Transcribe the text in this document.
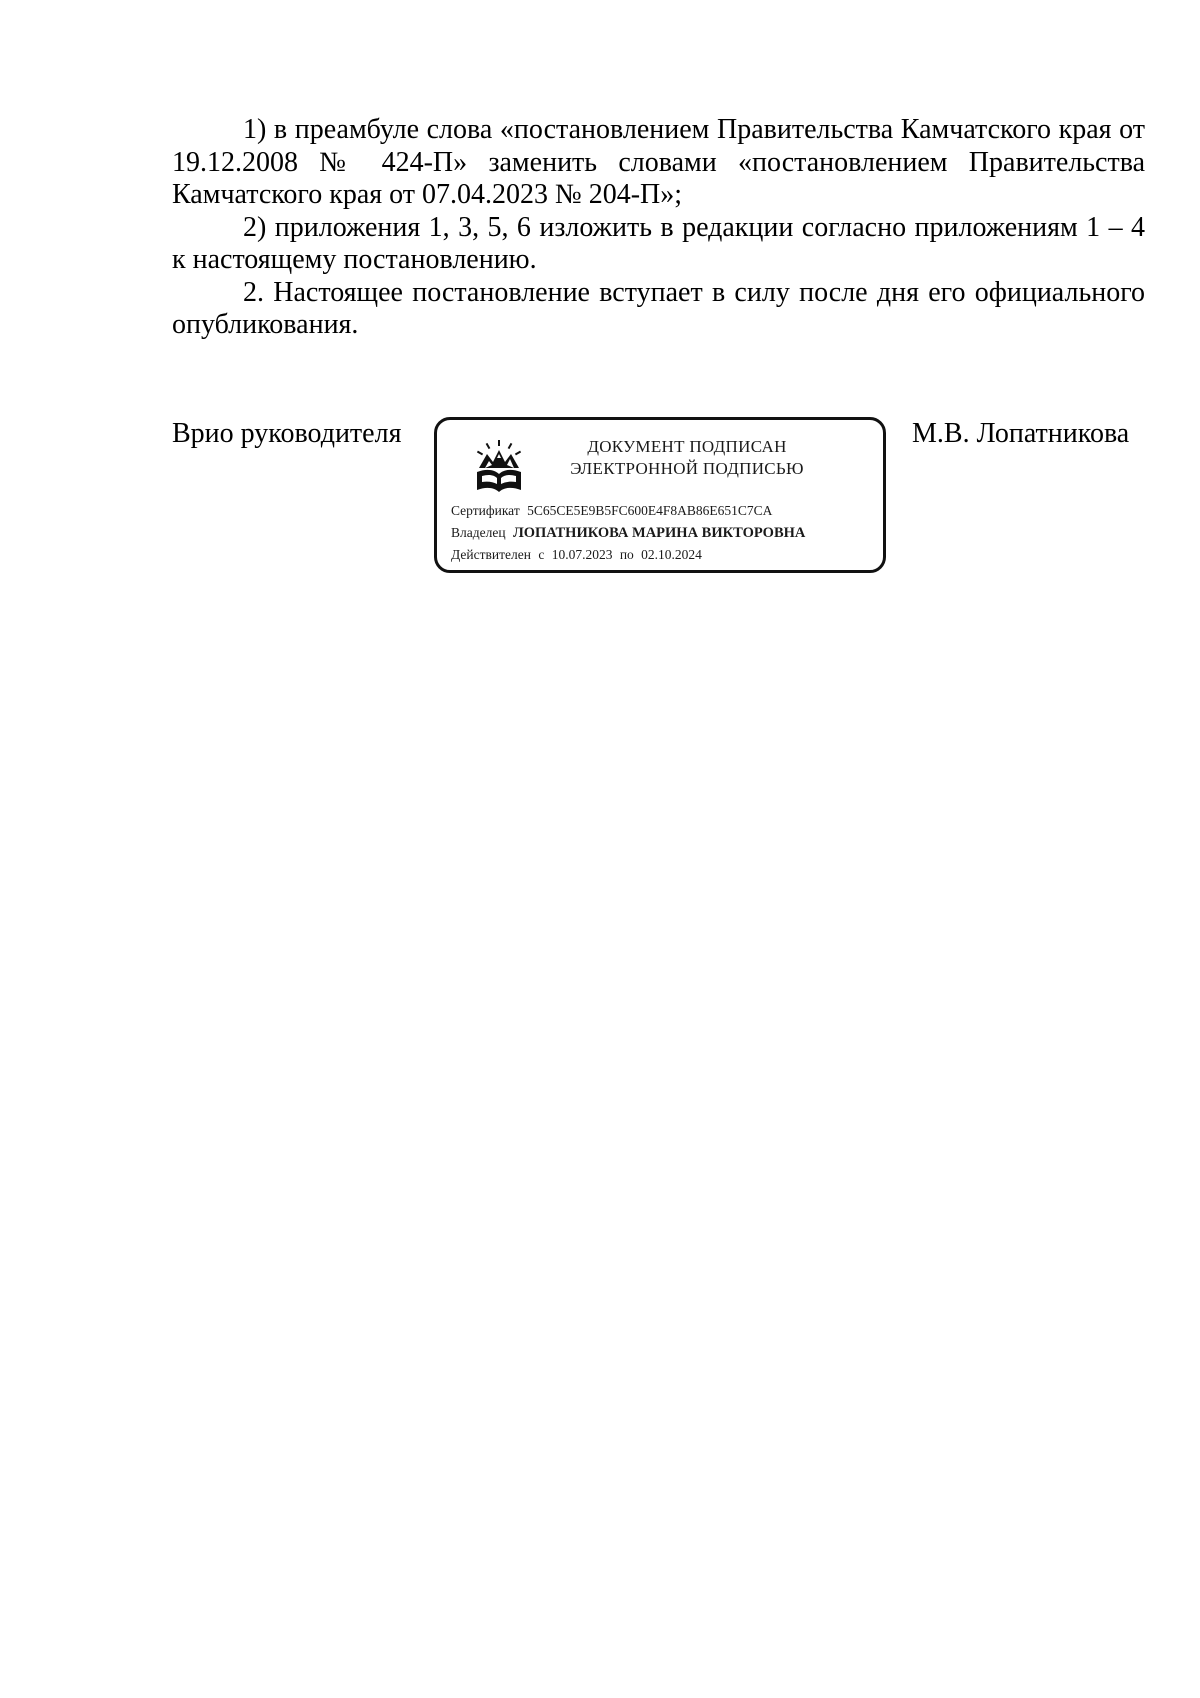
1) в преамбуле слова «постановлением Правительства Камчатского края от 19.12.2008 № 424-П» заменить словами «постановлением Правительства Камчатского края от 07.04.2023 № 204-П»;

2) приложения 1, 3, 5, 6 изложить в редакции согласно приложениям 1 – 4 к настоящему постановлению.

2. Настоящее постановление вступает в силу после дня его официального опубликования.

Врио руководителя	ДОКУМЕНТ ПОДПИСАН
ЭЛЕКТРОННОЙ ПОДПИСЬЮ
Сертификат 5C65CE5E9B5FC600E4F8AB86E651C7CA
Владелец ЛОПАТНИКОВА МАРИНА ВИКТОРОВНА
Действителен с 10.07.2023 по 02.10.2024
М.В. Лопатникова
